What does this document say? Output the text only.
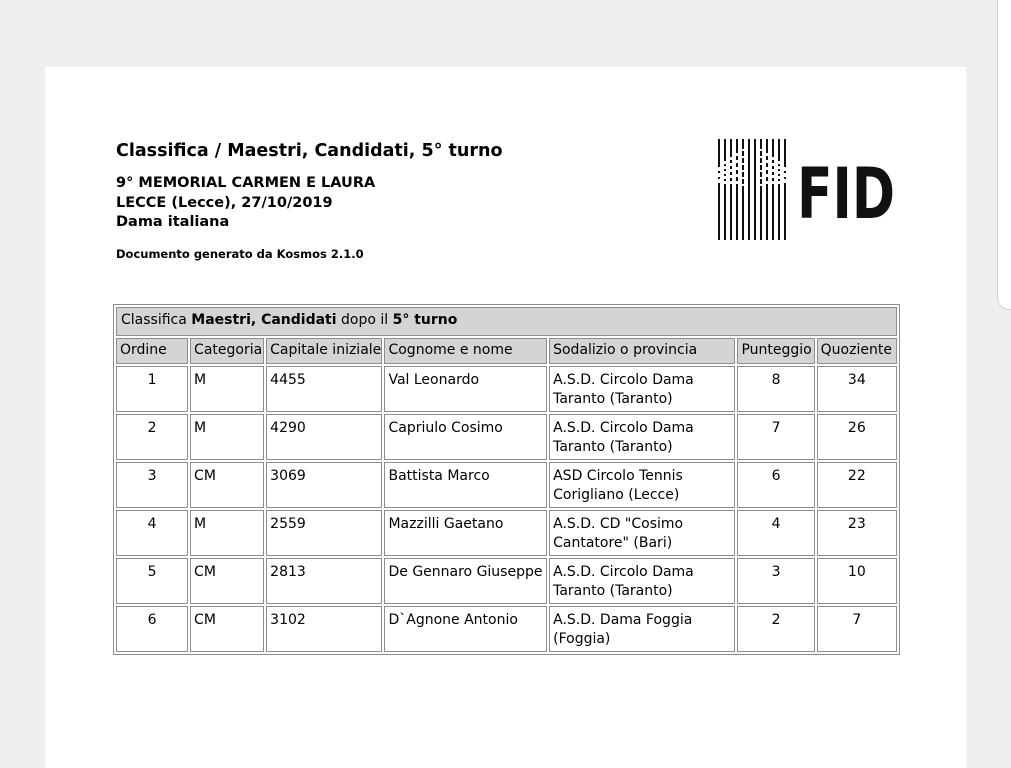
Classifica / Maestri, Candidati, 5° turno
9° MEMORIAL CARMEN E LAURA
LECCE (Lecce), 27/10/2019
Dama italiana
Documento generato da Kosmos 2.1.0
FID
Classifica Maestri, Candidati dopo il 5° turno						
Ordine	Categoria	Capitale iniziale	Cognome e nome	Sodalizio o provincia	Punteggio	Quoziente
1	M	4455	Val Leonardo	A.S.D. Circolo Dama Taranto (Taranto)	8	34
2	M	4290	Capriulo Cosimo	A.S.D. Circolo Dama Taranto (Taranto)	7	26
3	CM	3069	Battista Marco	ASD Circolo Tennis Corigliano (Lecce)	6	22
4	M	2559	Mazzilli Gaetano	A.S.D. CD "Cosimo Cantatore" (Bari)	4	23
5	CM	2813	De Gennaro Giuseppe	A.S.D. Circolo Dama Taranto (Taranto)	3	10
6	CM	3102	D`Agnone Antonio	A.S.D. Dama Foggia (Foggia)	2	7
